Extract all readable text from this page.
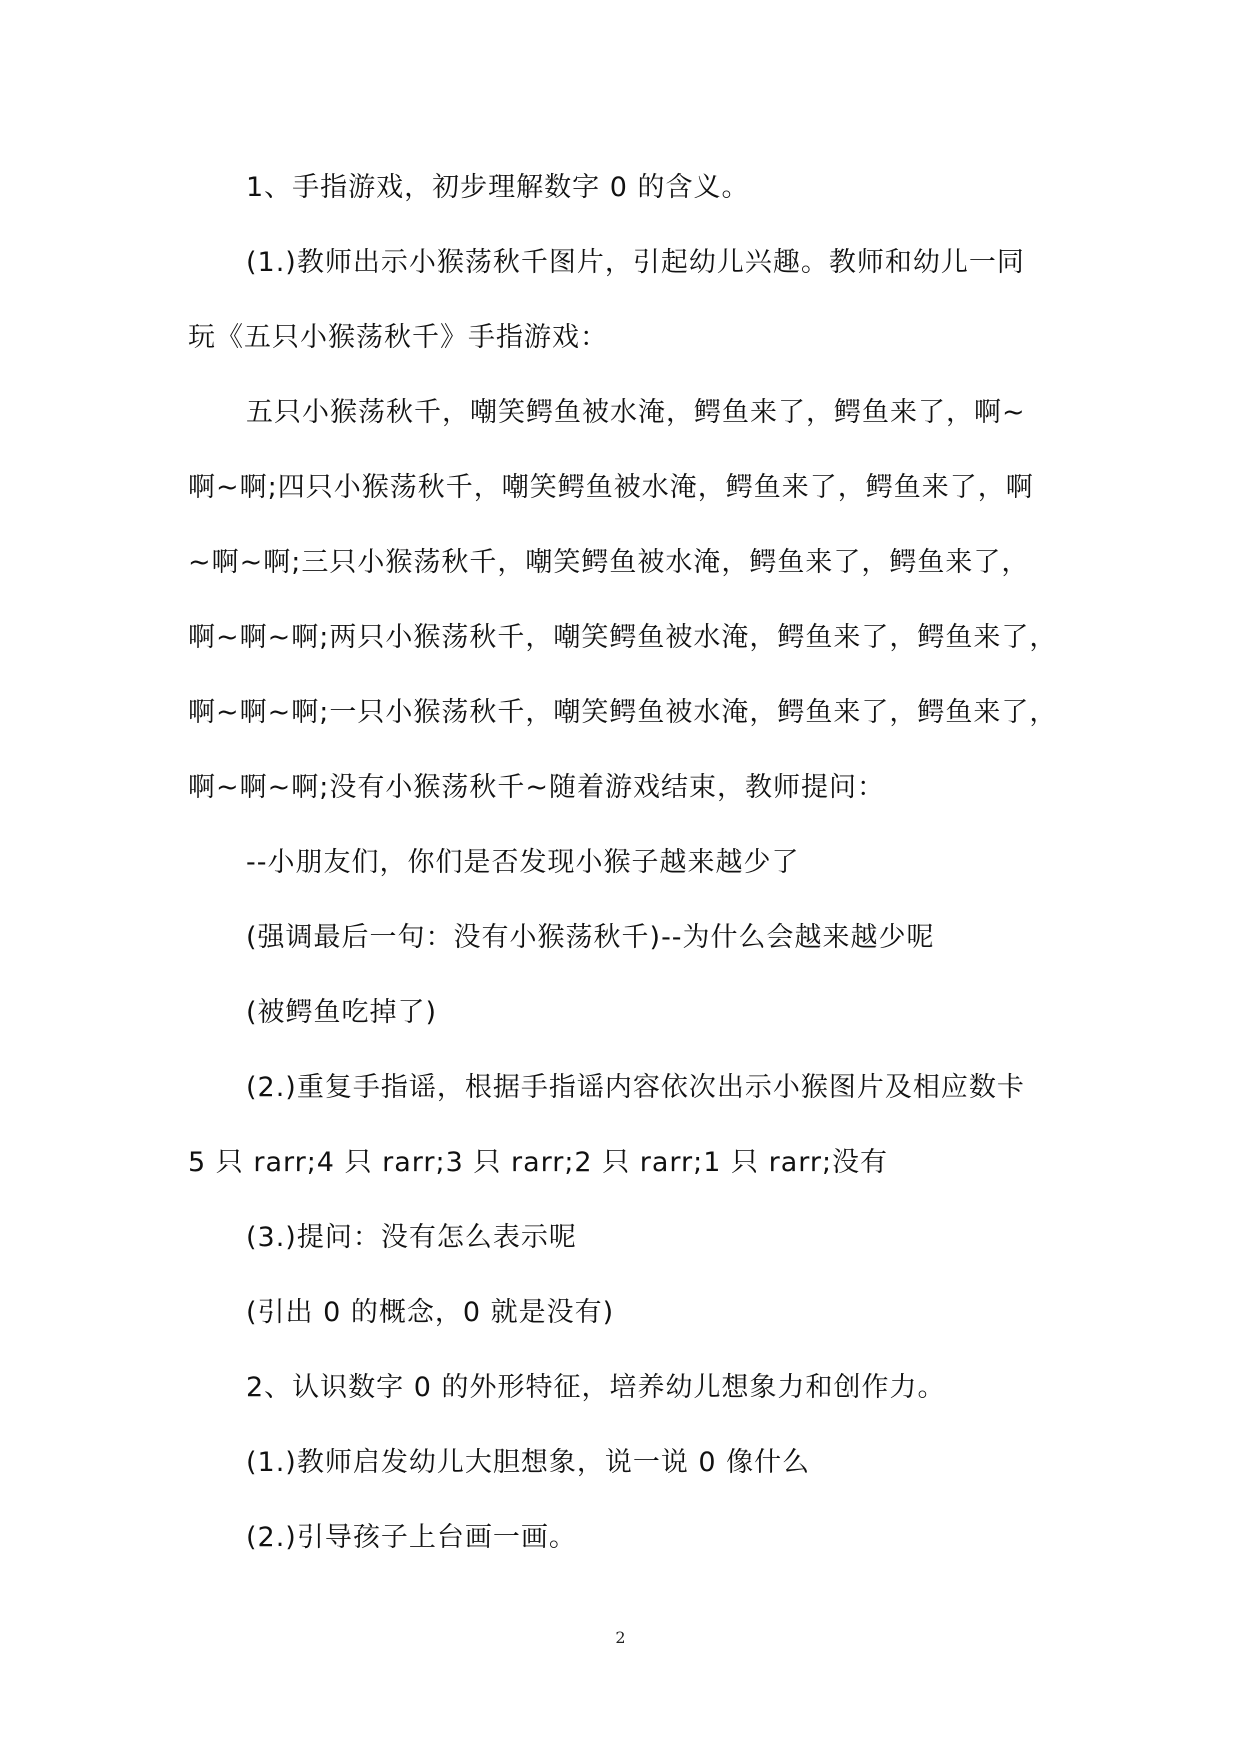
1、手指游戏，初步理解数字 0 的含义。
(1.)教师出示小猴荡秋千图片，引起幼儿兴趣。教师和幼儿一同
玩《五只小猴荡秋千》手指游戏：
五只小猴荡秋千，嘲笑鳄鱼被水淹，鳄鱼来了，鳄鱼来了，啊~
啊~啊;四只小猴荡秋千，嘲笑鳄鱼被水淹，鳄鱼来了，鳄鱼来了，啊
~啊~啊;三只小猴荡秋千，嘲笑鳄鱼被水淹，鳄鱼来了，鳄鱼来了，
啊~啊~啊;两只小猴荡秋千，嘲笑鳄鱼被水淹，鳄鱼来了，鳄鱼来了，
啊~啊~啊;一只小猴荡秋千，嘲笑鳄鱼被水淹，鳄鱼来了，鳄鱼来了，
啊~啊~啊;没有小猴荡秋千~随着游戏结束，教师提问：
--小朋友们，你们是否发现小猴子越来越少了
(强调最后一句：没有小猴荡秋千)--为什么会越来越少呢
(被鳄鱼吃掉了)
(2.)重复手指谣，根据手指谣内容依次出示小猴图片及相应数卡
5 只 rarr;4 只 rarr;3 只 rarr;2 只 rarr;1 只 rarr;没有
(3.)提问：没有怎么表示呢
(引出 0 的概念，0 就是没有)
2、认识数字 0 的外形特征，培养幼儿想象力和创作力。
(1.)教师启发幼儿大胆想象，说一说 0 像什么
(2.)引导孩子上台画一画。
2
